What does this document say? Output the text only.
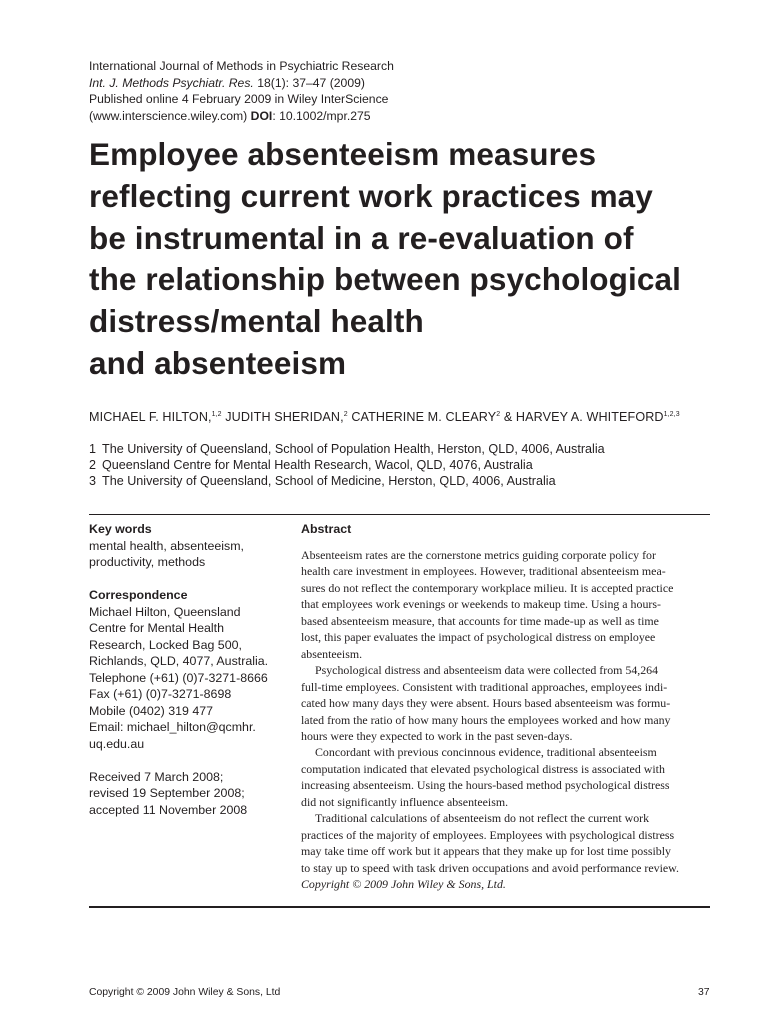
International Journal of Methods in Psychiatric Research
Int. J. Methods Psychiatr. Res. 18(1): 37–47 (2009)
Published online 4 February 2009 in Wiley InterScience
(www.interscience.wiley.com) DOI: 10.1002/mpr.275
Employee absenteeism measures
reflecting current work practices may
be instrumental in a re-evaluation of
the relationship between psychological
distress/mental health
and absenteeism
MICHAEL F. HILTON,$^{1,2}$ JUDITH SHERIDAN,$^2$ CATHERINE M. CLEARY$^2$ & HARVEY A. WHITEFORD$^{1,2,3}$
1 The University of Queensland, School of Population Health, Herston, QLD, 4006, Australia
2 Queensland Centre for Mental Health Research, Wacol, QLD, 4076, Australia
3 The University of Queensland, School of Medicine, Herston, QLD, 4006, Australia
Key words
mental health, absenteeism,
productivity, methods
Correspondence
Michael Hilton, Queensland
Centre for Mental Health
Research, Locked Bag 500,
Richlands, QLD, 4077, Australia.
Telephone (+61) (0)7-3271-8666
Fax (+61) (0)7-3271-8698
Mobile (0402) 319 477
Email: michael_hilton@qcmhr.
uq.edu.au
Received 7 March 2008;
revised 19 September 2008;
accepted 11 November 2008
Abstract
Absenteeism rates are the cornerstone metrics guiding corporate policy for
health care investment in employees. However, traditional absenteeism mea-
sures do not reflect the contemporary workplace milieu. It is accepted practice
that employees work evenings or weekends to makeup time. Using a hours-
based absenteeism measure, that accounts for time made-up as well as time
lost, this paper evaluates the impact of psychological distress on employee
absenteeism.
Psychological distress and absenteeism data were collected from 54,264
full-time employees. Consistent with traditional approaches, employees indi-
cated how many days they were absent. Hours based absenteeism was formu-
lated from the ratio of how many hours the employees worked and how many
hours were they expected to work in the past seven-days.
Concordant with previous concinnous evidence, traditional absenteeism
computation indicated that elevated psychological distress is associated with
increasing absenteeism. Using the hours-based method psychological distress
did not significantly influence absenteeism.
Traditional calculations of absenteeism do not reflect the current work
practices of the majority of employees. Employees with psychological distress
may take time off work but it appears that they make up for lost time possibly
to stay up to speed with task driven occupations and avoid performance review.
Copyright © 2009 John Wiley & Sons, Ltd.
Copyright © 2009 John Wiley & Sons, Ltd	37
